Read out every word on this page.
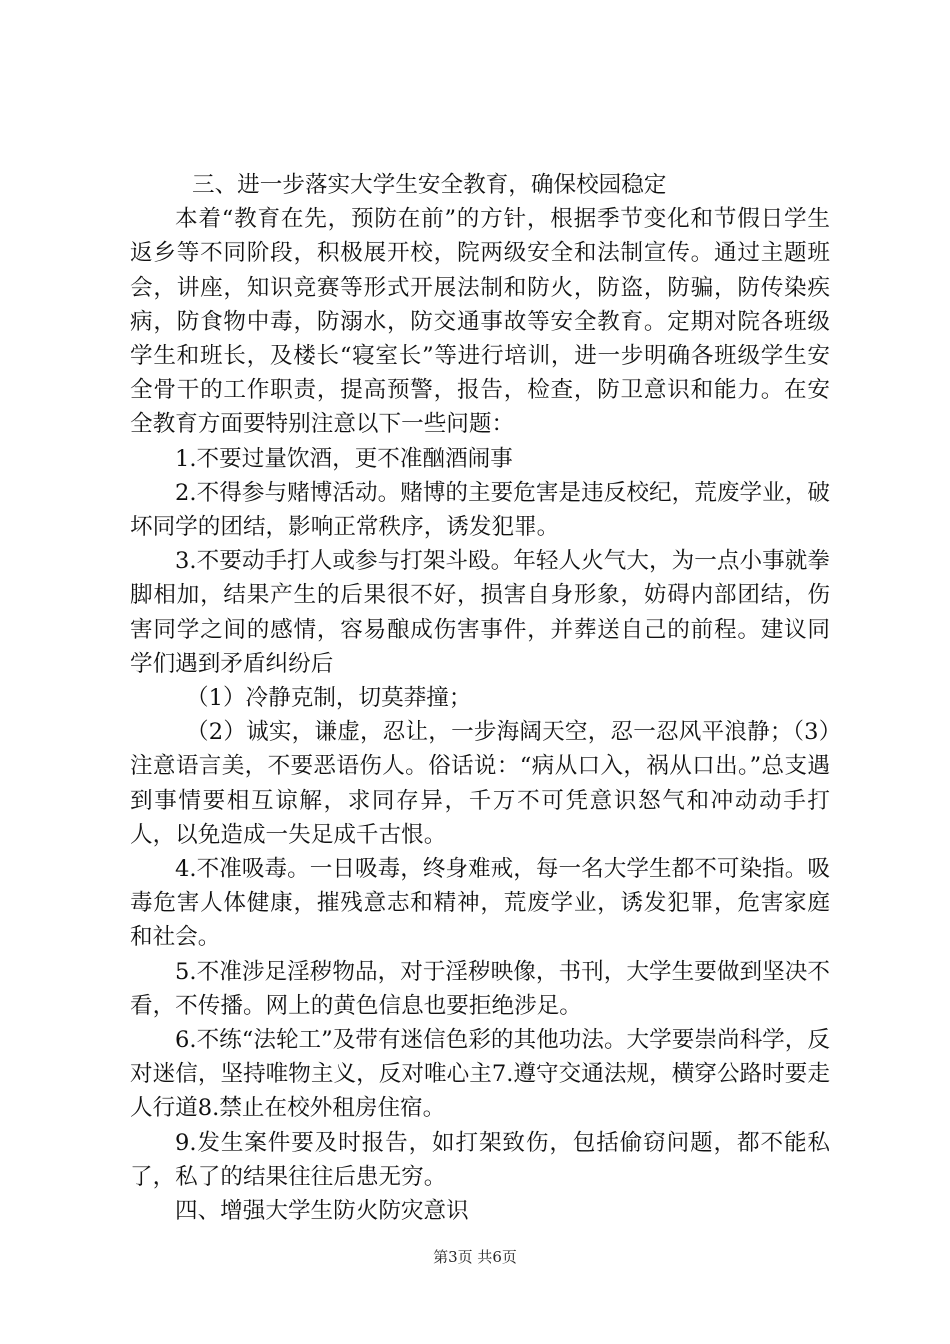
三、进一步落实大学生安全教育，确保校园稳定

本着“教育在先，预防在前”的方针，根据季节变化和节假日学生返乡等不同阶段，积极展开校，院两级安全和法制宣传。通过主题班会，讲座，知识竞赛等形式开展法制和防火，防盗，防骗，防传染疾病，防食物中毒，防溺水，防交通事故等安全教育。定期对院各班级学生和班长，及楼长“寝室长”等进行培训，进一步明确各班级学生安全骨干的工作职责，提高预警，报告，检查，防卫意识和能力。在安全教育方面要特别注意以下一些问题：

1.不要过量饮酒，更不准酗酒闹事

2.不得参与赌博活动。赌博的主要危害是违反校纪，荒废学业，破坏同学的团结，影响正常秩序，诱发犯罪。

3.不要动手打人或参与打架斗殴。年轻人火气大，为一点小事就拳脚相加，结果产生的后果很不好，损害自身形象，妨碍内部团结，伤害同学之间的感情，容易酿成伤害事件，并葬送自己的前程。建议同学们遇到矛盾纠纷后

（1）冷静克制，切莫莽撞；

（2）诚实，谦虚，忍让，一步海阔天空，忍一忍风平浪静；（3）注意语言美，不要恶语伤人。俗话说：“病从口入，祸从口出。”总支遇到事情要相互谅解，求同存异，千万不可凭意识怒气和冲动动手打人，以免造成一失足成千古恨。

4.不准吸毒。一日吸毒，终身难戒，每一名大学生都不可染指。吸毒危害人体健康，摧残意志和精神，荒废学业，诱发犯罪，危害家庭和社会。

5.不准涉足淫秽物品，对于淫秽映像，书刊，大学生要做到坚决不看，不传播。网上的黄色信息也要拒绝涉足。

6.不练“法轮工”及带有迷信色彩的其他功法。大学要崇尚科学，反对迷信，坚持唯物主义，反对唯心主7.遵守交通法规，横穿公路时要走人行道8.禁止在校外租房住宿。

9.发生案件要及时报告，如打架致伤，包括偷窃问题，都不能私了，私了的结果往往后患无穷。

四、增强大学生防火防灾意识

第3页 共6页
